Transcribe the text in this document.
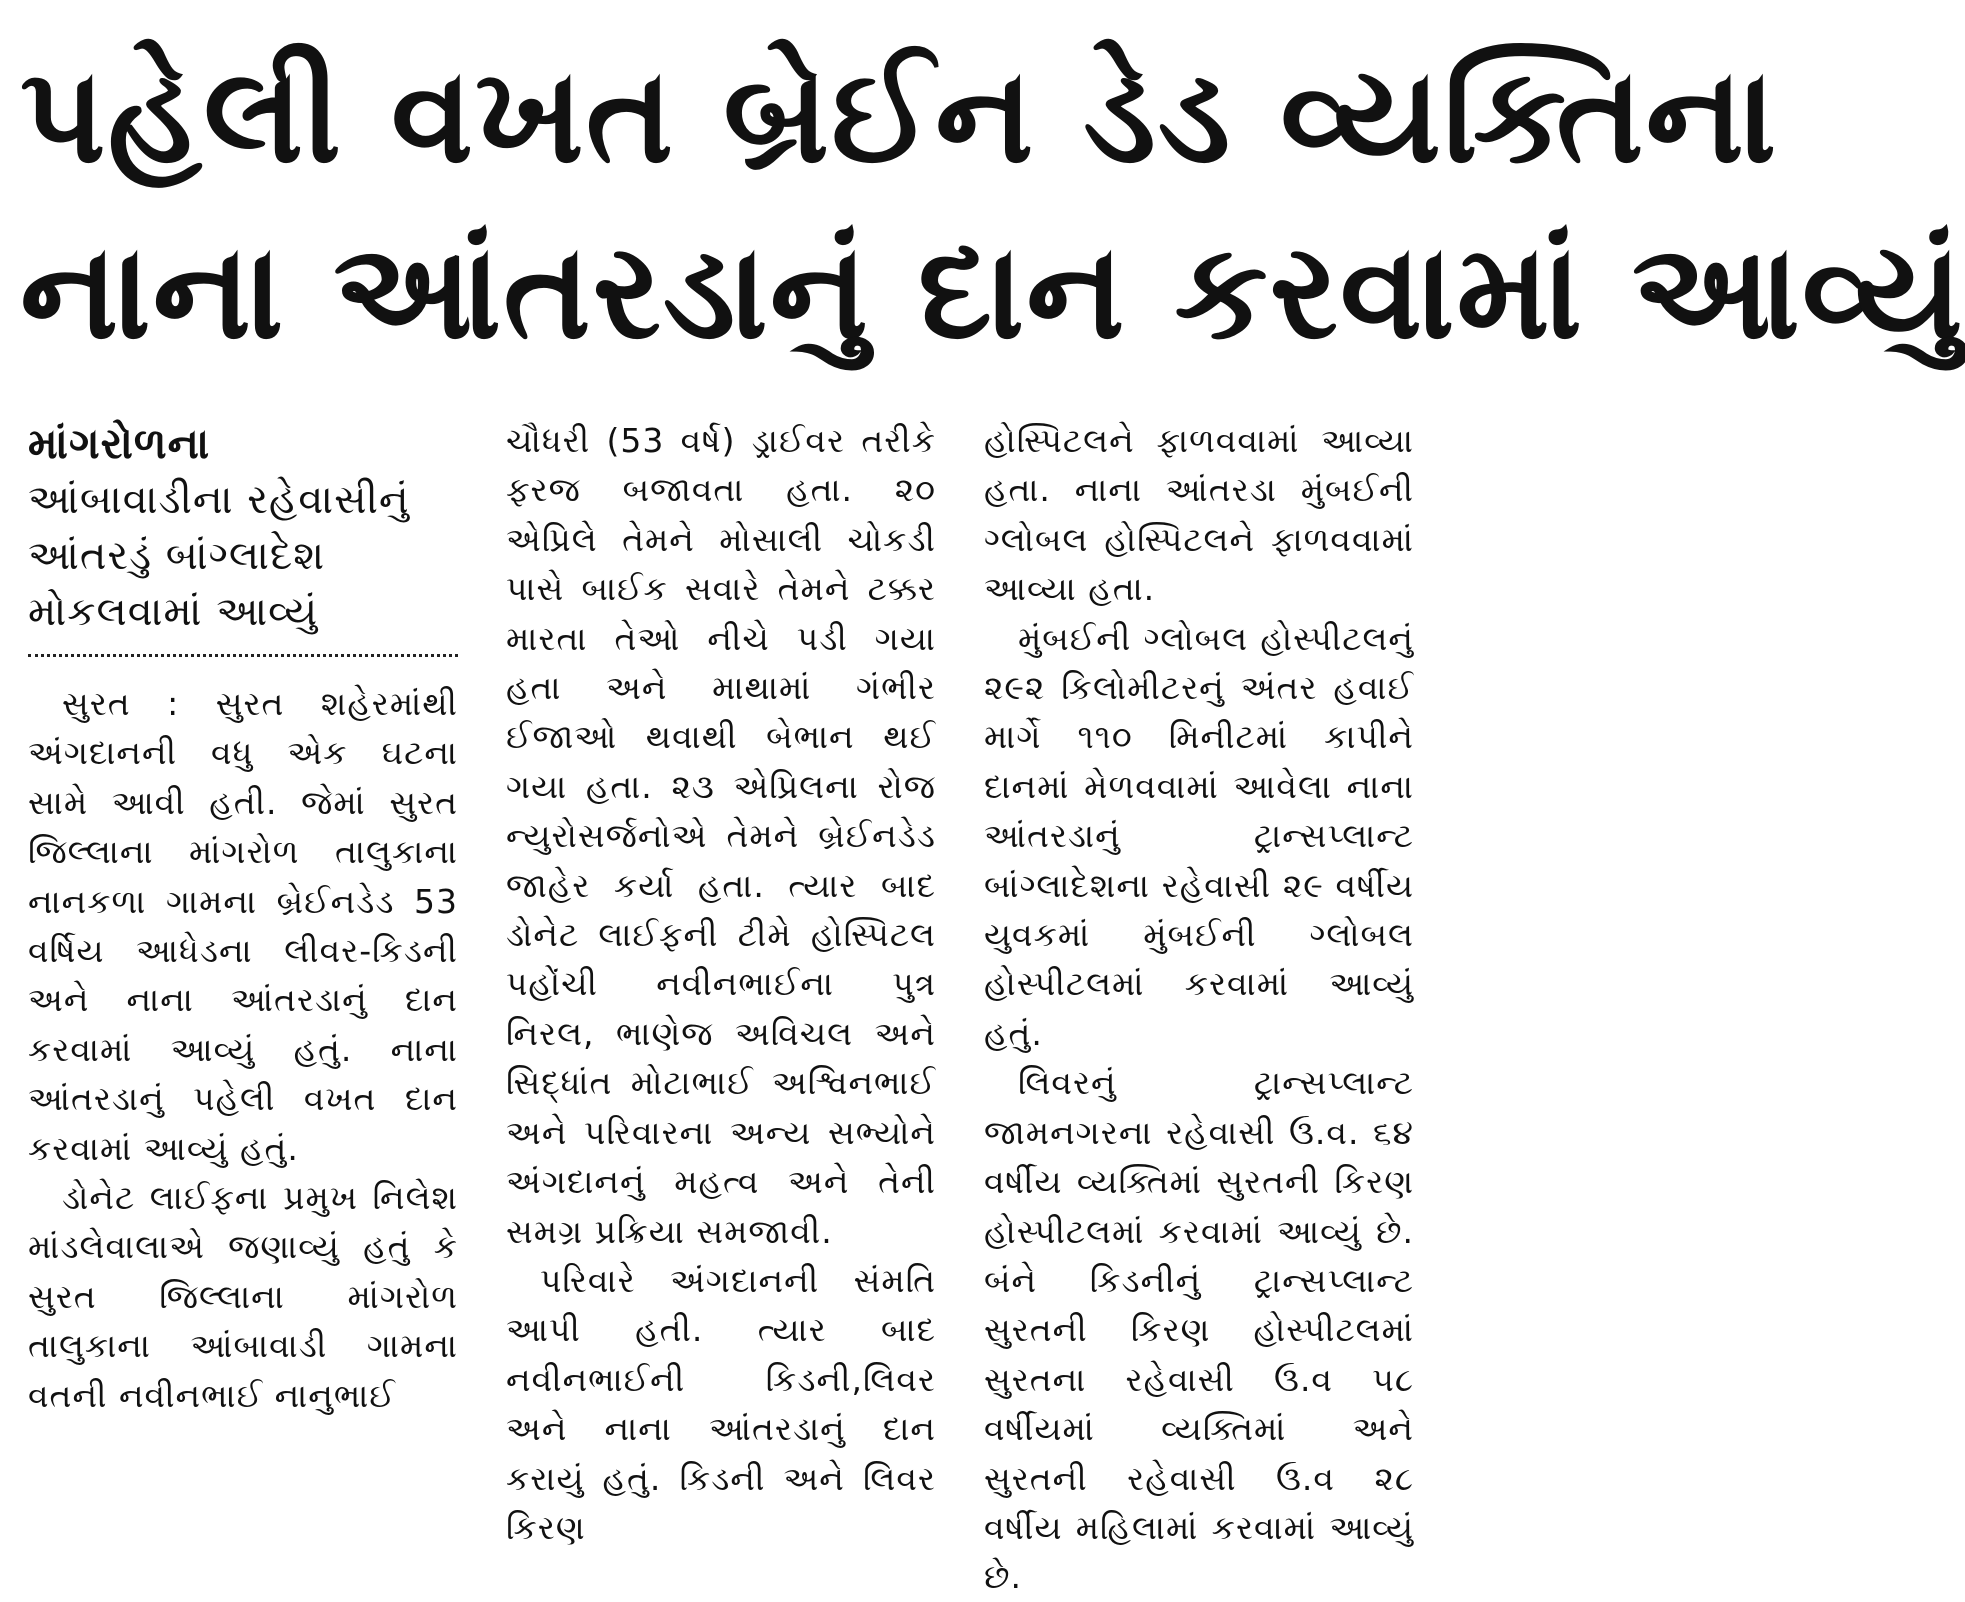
પહેલી વખત બ્રેઈન ડેડ વ્યક્તિના
નાના આંતરડાનું દાન કરવામાં આવ્યું
માંગરોળના
આંબાવાડીના રહેવાસીનું આંતરડું બાંગ્લાદેશ મોકલવામાં આવ્યું

સુરત : સુરત શહેરમાંથી અંગદાનની વધુ એક ઘટના સામે આવી હતી. જેમાં સુરત જિલ્લાના માંગરોળ તાલુકાના નાનકળા ગામના બ્રેઈનડેડ 53 વર્ષિય આધેડના લીવર-કિડની અને નાના આંતરડાનું દાન કરવામાં આવ્યું હતું. નાના આંતરડાનું પહેલી વખત દાન કરવામાં આવ્યું હતું.

ડોનેટ લાઈફના પ્રમુખ નિલેશ માંડલેવાલાએ જણાવ્યું હતું કે સુરત જિલ્લાના માંગરોળ તાલુકાના આંબાવાડી ગામના વતની નવીનભાઈ નાનુભાઈ

ચૌધરી (53 વર્ષ) ડ્રાઈવર તરીકે ફરજ બજાવતા હતા. ૨૦ એપ્રિલે તેમને મોસાલી ચોકડી પાસે બાઈક સવારે તેમને ટક્કર મારતા તેઓ નીચે પડી ગયા હતા અને માથામાં ગંભીર ઈજાઓ થવાથી બેભાન થઈ ગયા હતા. ૨૩ એપ્રિલના રોજ ન્યુરોસર્જનોએ તેમને બ્રેઈનડેડ જાહેર કર્યા હતા. ત્યાર બાદ ડોનેટ લાઈફની ટીમે હોસ્પિટલ પહોંચી નવીનભાઈના પુત્ર નિરલ, ભાણેજ અવિચલ અને સિદ્ધાંત મોટાભાઈ અશ્વિનભાઈ અને પરિવારના અન્ય સભ્યોને અંગદાનનું મહત્વ અને તેની સમગ્ર પ્રક્રિયા સમજાવી.

પરિવારે અંગદાનની સંમતિ આપી હતી. ત્યાર બાદ નવીનભાઈની કિડની,લિવર અને નાના આંતરડાનું દાન કરાયું હતું. કિડની અને લિવર કિરણ

હોસ્પિટલને ફાળવવામાં આવ્યા હતા. નાના આંતરડા મુંબઈની ગ્લોબલ હોસ્પિટલને ફાળવવામાં આવ્યા હતા.

મુંબઈની ગ્લોબલ હોસ્પીટલનું ૨૯૨ કિલોમીટરનું અંતર હવાઈ માર્ગે ૧૧૦ મિનીટમાં કાપીને દાનમાં મેળવવામાં આવેલા નાના આંતરડાનું ટ્રાન્સપ્લાન્ટ બાંગ્લાદેશના રહેવાસી ૨૯ વર્ષીય યુવકમાં મુંબઈની ગ્લોબલ હોસ્પીટલમાં કરવામાં આવ્યું હતું.

લિવરનું ટ્રાન્સપ્લાન્ટ જામનગરના રહેવાસી ઉ.વ. ૬૪ વર્ષીય વ્યક્તિમાં સુરતની કિરણ હોસ્પીટલમાં કરવામાં આવ્યું છે. બંને કિડનીનું ટ્રાન્સપ્લાન્ટ સુરતની કિરણ હોસ્પીટલમાં સુરતના રહેવાસી ઉ.વ ૫૮ વર્ષીયમાં વ્યક્તિમાં અને સુરતની રહેવાસી ઉ.વ ૨૮ વર્ષીય મહિલામાં કરવામાં આવ્યું છે.
